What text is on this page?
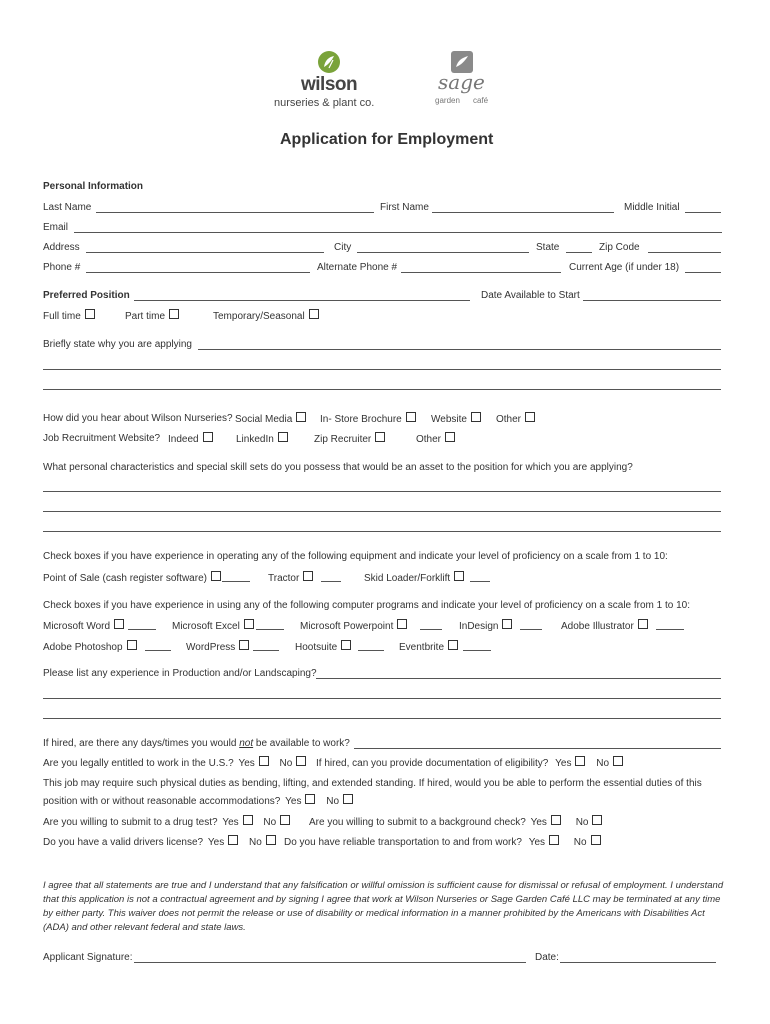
wilson
nurseries & plant co.
sage
garden café
Application for Employment
Personal Information
Last Name	First Name	Middle Initial
Email
Address	City	State	Zip Code
Phone #	Alternate Phone #	Current Age (if under 18)
Preferred Position	Date Available to Start
Full time	Part time	Temporary/Seasonal
Briefly state why you are applying
How did you hear about Wilson Nurseries? Social Media	In- Store Brochure	Website	Other
Job Recruitment Website? Indeed	LinkedIn	Zip Recruiter	Other
What personal characteristics and special skill sets do you possess that would be an asset to the position for which you are applying?
Check boxes if you have experience in operating any of the following equipment and indicate your level of proficiency on a scale from 1 to 10:
Point of Sale (cash register software)	Tractor	Skid Loader/Forklift
Check boxes if you have experience in using any of the following computer programs and indicate your level of proficiency on a scale from 1 to 10:
Microsoft Word	Microsoft Excel	Microsoft Powerpoint	InDesign	Adobe Illustrator
Adobe Photoshop	WordPress	Hootsuite	Eventbrite
Please list any experience in Production and/or Landscaping?
If hired, are there any days/times you would not be available to work?
Are you legally entitled to work in the U.S.? Yes No	If hired, can you provide documentation of eligibility? Yes No
This job may require such physical duties as bending, lifting, and extended standing. If hired, would you be able to perform the essential duties of this
position with or without reasonable accommodations? Yes No
Are you willing to submit to a drug test? Yes No	Are you willing to submit to a background check? Yes	No
Do you have a valid drivers license? Yes No	Do you have reliable transportation to and from work? Yes	No
I agree that all statements are true and I understand that any falsification or willful omission is sufficient cause for dismissal or refusal of employment. I understand that this application is not a contractual agreement and by signing I agree that work at Wilson Nurseries or Sage Garden Café LLC may be terminated at any time by either party. This waiver does not permit the release or use of disability or medical information in a manner prohibited by the Americans with Disabilities Act (ADA) and other relevant federal and state laws.
Applicant Signature:	Date:
